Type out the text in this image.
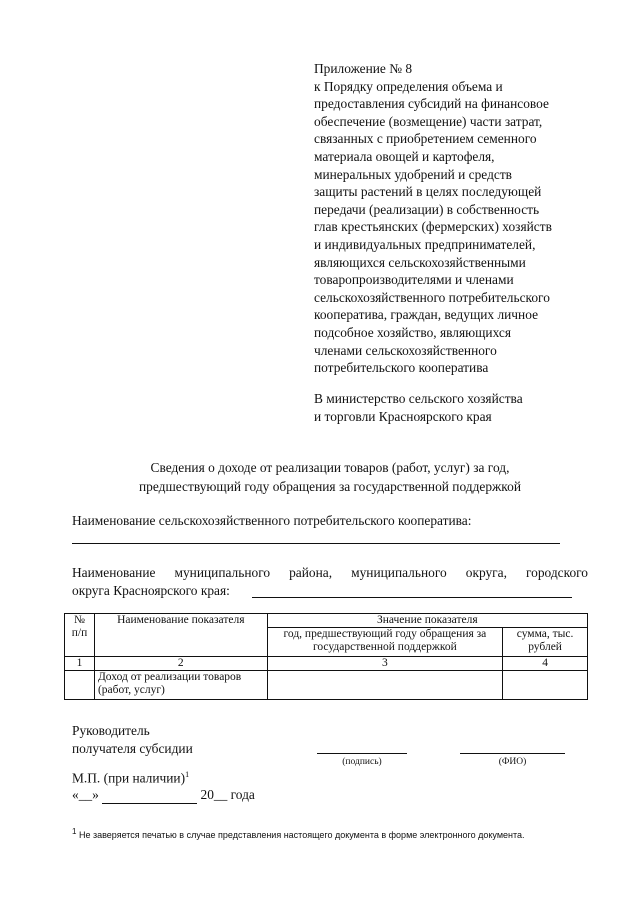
Приложение № 8
к Порядку определения объема и
предоставления субсидий на финансовое
обеспечение (возмещение) части затрат,
связанных с приобретением семенного
материала овощей и картофеля,
минеральных удобрений и средств
защиты растений в целях последующей
передачи (реализации) в собственность
глав крестьянских (фермерских) хозяйств
и индивидуальных предпринимателей,
являющихся сельскохозяйственными
товаропроизводителями и членами
сельскохозяйственного потребительского
кооператива, граждан, ведущих личное
подсобное хозяйство, являющихся
членами сельскохозяйственного
потребительского кооператива
В министерство сельского хозяйства
и торговли Красноярского края
Сведения о доходе от реализации товаров (работ, услуг) за год,
предшествующий году обращения за государственной поддержкой
Наименование сельскохозяйственного потребительского кооператива:
Наименование муниципального района, муниципального округа, городского
округа Красноярского края:
№ п/п	Наименование показателя	Значение показателя	
		год, предшествующий году обращения за государственной поддержкой	сумма, тыс. рублей
1	2	3	4
	Доход от реализации товаров (работ, услуг)		
Руководитель
получателя субсидии
(подпись)	(ФИО)
М.П. (при наличии)$^1$
«__»	20__ года
$^1$ Не заверяется печатью в случае представления настоящего документа в форме электронного документа.
